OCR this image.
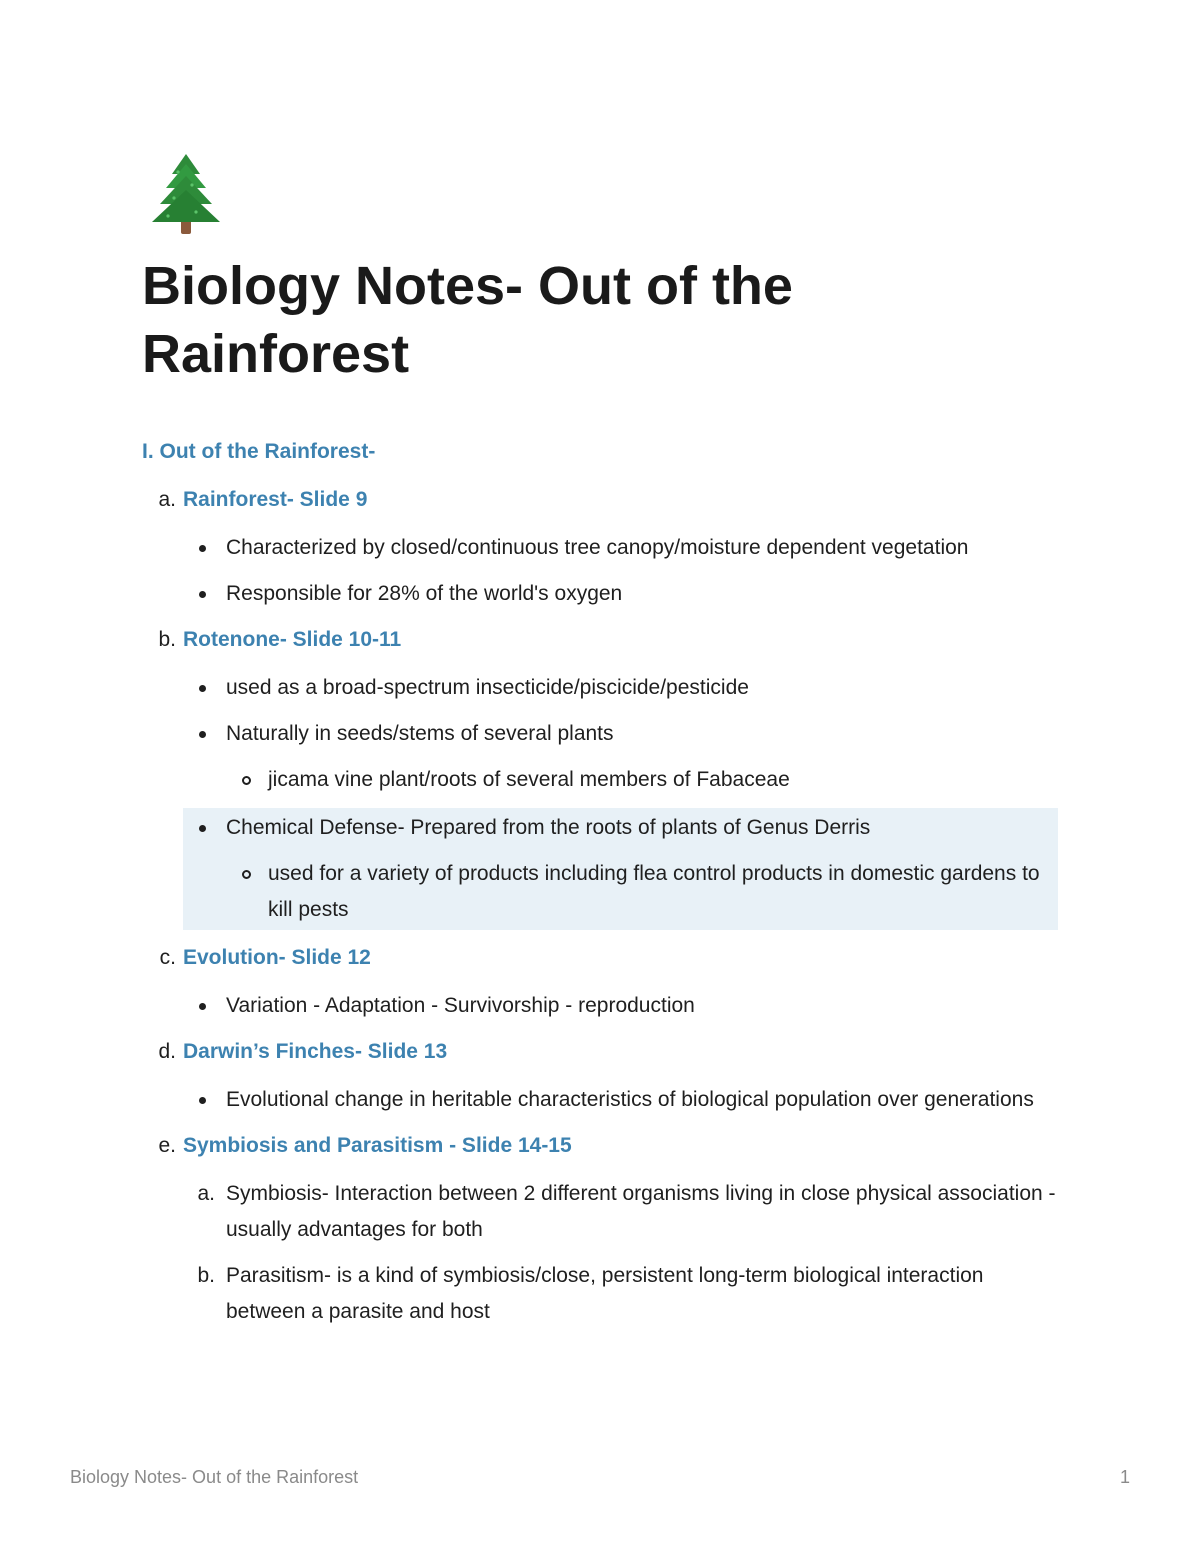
Biology Notes- Out of the Rainforest
I. Out of the Rainforest-
a. Rainforest- Slide 9
Characterized by closed/continuous tree canopy/moisture dependent vegetation
Responsible for 28% of the world's oxygen
b. Rotenone- Slide 10-11
used as a broad-spectrum insecticide/piscicide/pesticide
Naturally in seeds/stems of several plants
jicama vine plant/roots of several members of Fabaceae
Chemical Defense- Prepared from the roots of plants of Genus Derris
used for a variety of products including flea control products in domestic gardens to kill pests
c. Evolution- Slide 12
Variation - Adaptation - Survivorship - reproduction
d. Darwin’s Finches- Slide 13
Evolutional change in heritable characteristics of biological population over generations
e. Symbiosis and Parasitism - Slide 14-15
a. Symbiosis- Interaction between 2 different organisms living in close physical association - usually advantages for both
b. Parasitism- is a kind of symbiosis/close, persistent long-term biological interaction between a parasite and host
Biology Notes- Out of the Rainforest	1
